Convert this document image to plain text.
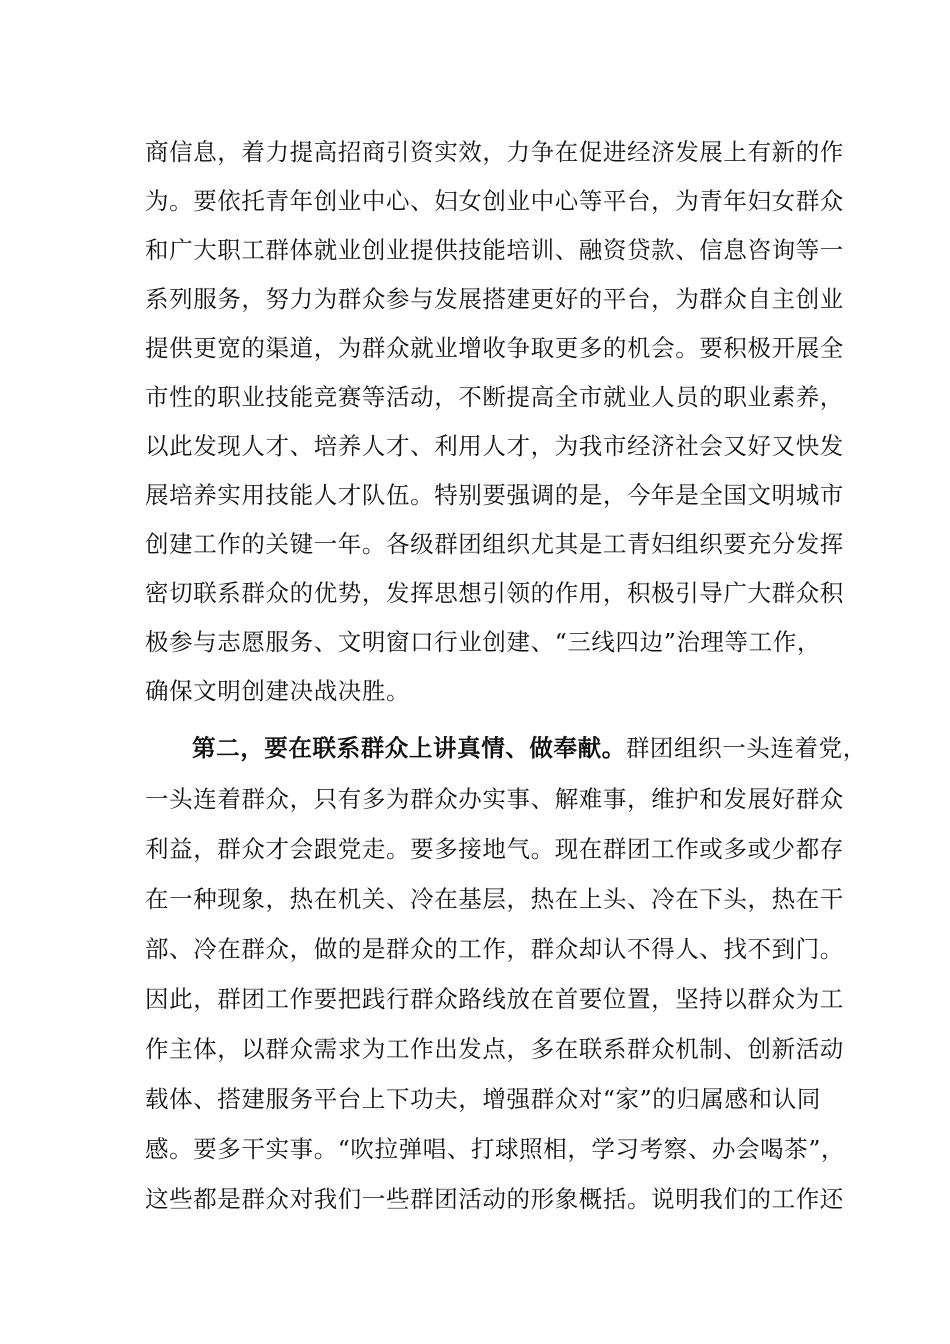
商信息，着力提高招商引资实效，力争在促进经济发展上有新的作
为。要依托青年创业中心、妇女创业中心等平台，为青年妇女群众
和广大职工群体就业创业提供技能培训、融资贷款、信息咨询等一
系列服务，努力为群众参与发展搭建更好的平台，为群众自主创业
提供更宽的渠道，为群众就业增收争取更多的机会。要积极开展全
市性的职业技能竞赛等活动，不断提高全市就业人员的职业素养，
以此发现人才、培养人才、利用人才，为我市经济社会又好又快发
展培养实用技能人才队伍。特别要强调的是，今年是全国文明城市
创建工作的关键一年。各级群团组织尤其是工青妇组织要充分发挥
密切联系群众的优势，发挥思想引领的作用，积极引导广大群众积
极参与志愿服务、文明窗口行业创建、“三线四边”治理等工作，
确保文明创建决战决胜。
第二，要在联系群众上讲真情、做奉献。群团组织一头连着党，
一头连着群众，只有多为群众办实事、解难事，维护和发展好群众
利益，群众才会跟党走。要多接地气。现在群团工作或多或少都存
在一种现象，热在机关、冷在基层，热在上头、冷在下头，热在干
部、冷在群众，做的是群众的工作，群众却认不得人、找不到门。
因此，群团工作要把践行群众路线放在首要位置，坚持以群众为工
作主体，以群众需求为工作出发点，多在联系群众机制、创新活动
载体、搭建服务平台上下功夫，增强群众对“家”的归属感和认同
感。要多干实事。“吹拉弹唱、打球照相，学习考察、办会喝茶”，
这些都是群众对我们一些群团活动的形象概括。说明我们的工作还
